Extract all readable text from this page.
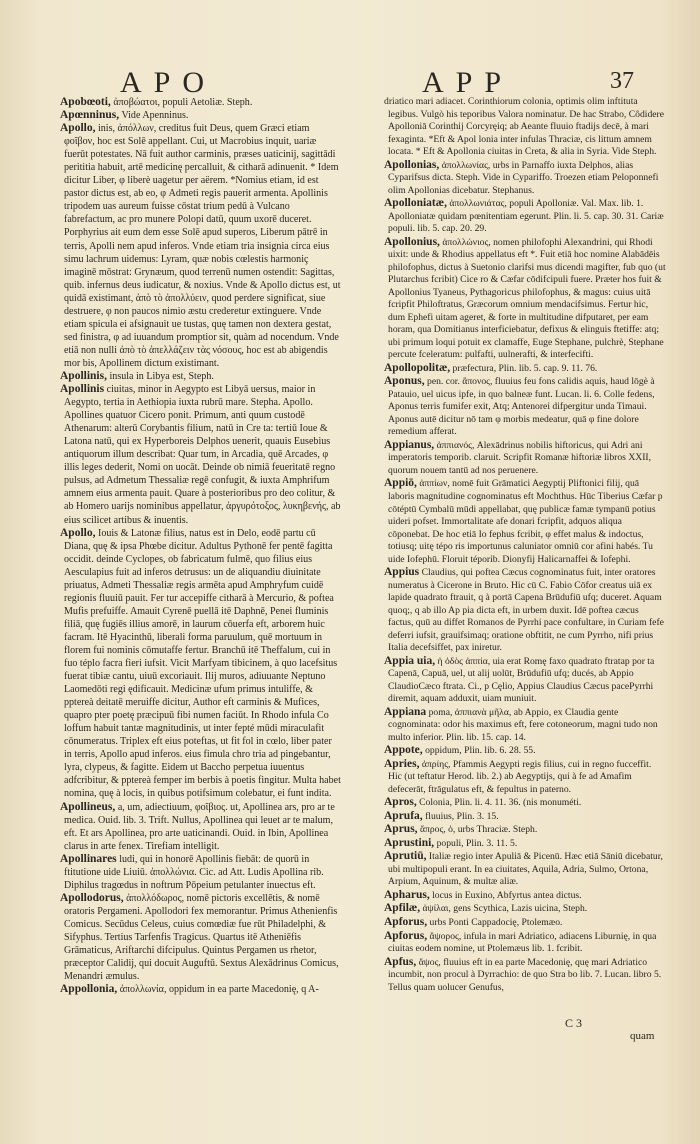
APO	APP	37

Apobœoti, ἀποβώατοι, populi Aetoliæ. Steph.

Apœnninus, Vide Apenninus.

Apollo, inis, ἀπόλλων, creditus fuit Deus, quem Græci etiam φοῖβον, hoc est Solē appellant. Cui, ut Macrobius inquit, uariæ fuerūt potestates. Nā fuit author carminis, præses uaticinij, sagittādi perititia habuit, artē medicinę percalluit, & citharā adinuenit. * Idem dicitur Liber, φ liberè uagetur per aërem. *Nomius etiam, id est pastor dictus est, ab eo, φ Admeti regis pauerit armenta. Apollinis tripodem uas aureum fuisse cōstat trium pedū à Vulcano fabrefactum, ac pro munere Polopi datū, quum uxorē duceret. Porphyrius ait eum dem esse Solē apud superos, Liberum pātrē in terris, Apolli nem apud inferos. Vnde etiam tria insignia circa eius simu lachrum uidemus: Lyram, quæ nobis cœlestis harmoniç imaginē mōstrat: Grynæum, quod terrenū numen ostendit: Sagittas, quib. infernus deus iudicatur, & noxius. Vnde & Apollo dictus est, ut quidā existimant, ἀπὸ τὸ ἀπολλύειν, quod perdere significat, siue destruere, φ non paucos nimio æstu crederetur extinguere. Vnde etiam spicula ei afsignauit ue tustas, quę tamen non dextera gestat, sed finistra, φ ad iuuandum promptior sit, quàm ad nocendum. Vnde etiā non nulli ἀπὸ τὸ ἀπελλάζειν τὰς νόσους, hoc est ab abigendis mor bis, Apollinem dictum existimant.

Apollinis, insula in Libya est, Steph.

Apollinis ciuitas, minor in Aegypto est Libyā uersus, maior in Aegypto, tertia in Aethiopia iuxta rubrū mare. Stepha. Apollo. Apollines quatuor Cicero ponit. Primum, anti quum custodē Athenarum: alterū Corybantis filium, natū in Cre ta: tertiū Ioue & Latona natū, qui ex Hyperboreis Delphos uenerit, quauis Eusebius antiquorum illum describat: Quar tum, in Arcadia, quē Arcades, φ illis leges dederit, Nomi on uocāt. Deinde ob nimiā feueritatē regno pulsus, ad Admetum Thessaliæ regē confugit, & iuxta Amphrifum amnem eius armenta pauit. Quare à posterioribus pro deo colitur, & ab Homero uarijs nominibus appellatur, ἀργυρότοξος, λυκηβενής, ab eius scilicet artibus & inuentis.

Apollo, Iouis & Latonæ filius, natus est in Delo, eodē partu cū Diana, quę & ipsa Phœbe dicitur. Adultus Pythonē fer pentē fagitta occidit. deinde Cyclopes, ob fabricatum fulmē, quo filius eius Aesculapius fuit ad inferos detrusus: un de aliquandiu diuinitate priuatus, Admeti Thessaliæ regis armēta apud Amphryfum cuidē regionis fluuiū pauit. Fer tur accepiffe citharā à Mercurio, & poftea Mufis prefuiffe. Amauit Cyrenē puellā itē Daphnē, Penei fluminis filiā, quę fugiēs illius amorē, in laurum cōuerfa eft, arborem huic facram. Itē Hyacinthū, liberali forma paruulum, quē mortuum in florem fui nominis cōmutaffe fertur. Branchū itē Theffalum, cui in fuo téplo facra fieri iufsit. Vicit Marfyam tibicinem, à quo lacefsitus fuerat tibiæ cantu, uiuū excoriauit. Ilij muros, adiuuante Neptuno Laomedōti regi ędificauit. Medicinæ ufum primus intuliffe, & pptereà deitatē meruiffe dicitur, Author eft carminis & Mufices, quapro pter poetę præcipuū fibi numen faciūt. In Rhodo infula Co loffum habuit tantæ magnitudinis, ut inter fepté mūdi miraculafit cōnumeratus. Triplex eft eius poteftas, ut fit fol in cœlo, liber pater in terris, Apollo apud inferos. eius fimula chro tria ad pingebantur, lyra, clypeus, & fagitte. Eidem ut Baccho perpetua iuuentus adfcribitur, & pptereà femper im berbis à poetis fingitur. Multa habet nomina, quę à locis, in quibus potifsimum colebatur, ei funt indita.

Apollineus, a, um, adiectiuum, φοῖβιος. ut, Apollinea ars, pro ar te medica. Ouid. lib. 3. Trift. Nullus, Apollinea qui leuet ar te malum, eft. Et ars Apollinea, pro arte uaticinandi. Ouid. in Ibin, Apollinea clarus in arte fenex. Tirefiam intelligit.

Apollinares ludi, qui in honorē Apollinis fiebāt: de quorū in ftitutione uide Liuiū. ἀπολλώνια. Cic. ad Att. Ludis Apollina rib. Diphilus tragœdus in noftrum Pōpeium petulanter inuectus eft.

Apollodorus, ἀπολλόδωρος, nomē pictoris excellētis, & nomē oratoris Pergameni. Apollodori fex memorantur. Primus Athenienfis Comicus. Secūdus Celeus, cuius comœdiæ fue rūt Philadelphi, & Sifyphus. Tertius Tarfenfis Tragicus. Quartus itē Atheniēfis Grāmaticus, Ariftarchi difcipulus. Quintus Pergamen us rhetor, præceptor Calidij, qui docuit Auguftū. Sextus Alexādrinus Comicus, Menandri æmulus.

Appollonia, ἀπολλωνία, oppidum in ea parte Macedonię, q A-

driatico mari adiacet. Corinthiorum colonia, optimis olim inftituta legibus. Vulgò his teporibus Valora nominatur. De hac Strabo, Côdidere Apolloniā Corinthij Corcyręiq; ab Aeante fluuio ftadijs decē, à mari fexaginta. *Eft & Apol lonia inter infulas Thraciæ, cis littum amnem locata. * Eft & Apollonia ciuitas in Creta, & alia in Syria. Vide Steph.

Apollonias, ἀπολλωνίας, urbs in Parnaffo iuxta Delphos, alias Cyparifsus dicta. Steph. Vide in Cypariffo. Troezen etiam Peloponnefi olim Apollonias dicebatur. Stephanus.

Apolloniatæ, ἀπολλωνιάτας, populi Apolloniæ. Val. Max. lib. 1. Apolloniatæ quidam pœnitentiam egerunt. Plin. li. 5. cap. 30. 31. Cariæ populi. lib. 5. cap. 20. 29.

Apollonius, ἀπολλώνιος, nomen philofophi Alexandrini, qui Rhodi uixit: unde & Rhodius appellatus eft *. Fuit etiā hoc nomine Alabādēis philofophus, dictus à Suetonio clarifsi mus dicendi magifter, fub quo (ut Plutarchus fcribit) Cice ro & Cæfar cōdifcipuli fuere. Præter hos fuit & Apollonius Tyaneus, Pythagoricus philofophus, & magus: cuius uitā fcripfit Philoftratus, Græcorum omnium mendacifsimus. Fertur hic, dum Ephefi uitam ageret, & forte in multitudine difputaret, per eam horam, qua Domitianus interficiebatur, defixus & elinguis ftetiffe: atq; ubi primum loqui potuit ex clamaffe, Euge Stephane, pulchrè, Stephane percute fceleratum: pulfafti, uulnerafti, & interfecifti.

Apollopolitæ, præfectura, Plin. lib. 5. cap. 9. 11. 76.

Aponus, pen. cor. ἄπονος, fluuius feu fons calidis aquis, haud lōgè à Patauio, uel uicus ipfe, in quo balneæ funt. Lucan. li. 6. Colle fedens, Aponus terris fumifer exit, Atq; Antenorei difpergitur unda Timaui. Aponus autē dicitur nō tam φ morbis medeatur, quā φ fine dolore remedium afferat.

Appianus, ἀππιανός, Alexādrinus nobilis hiftoricus, qui Adri ani imperatoris temporib. claruit. Scripfit Romanæ hiftoriæ libros XXII, quorum nouem tantū ad nos peruenere.

Appiō, ἀππίων, nomē fuit Grāmatici Aegyptij Pliftonici filij, quā laboris magnitudine cognominatus eft Mochthus. Hūc Tiberius Cæfar p cōtéptū Cymbalū mūdi appellabat, quę publicæ famæ tympanū potius uideri pofset. Immortalitate afe donari fcripfit, adquos aliqua cōponebat. De hoc etiā Io fephus fcribit, φ effet malus & indoctus, totiusq; uitę tépo ris importunus caluniator omniū cor afini habés. Tu uide Iofephū. Floruit téporib. Dionyfij Halicarnaffei & Iofephi.

Appius Claudius, qui poftea Cæcus cognominatus fuit, inter oratores numeratus à Cicerone in Bruto. Hic cū C. Fabio Cōfor creatus uiā ex lapide quadrato ftrauit, q à portā Capena Brūdufiū ufq; duceret. Aquam quoq;, q ab illo Ap pia dicta eft, in urbem duxit. Idē poftea cæcus factus, quū au diffet Romanos de Pyrrhi pace confultare, in Curiam fefe deferri iufsit, grauifsimaq; oratione obftitit, ne cum Pyrrho, nifi prius Italia decefsiffet, pax iniretur.

Appia uia, ἡ ὁδὸς ἀππία, uia erat Romę faxo quadrato ftratap por ta Capenā, Capuā, uel, ut alij uolūt, Brūdufiū ufq; ducés, ab Appio ClaudioCæco ftrata. Ci., p Cęlio, Appius Claudius Cæcus pacePyrrhi diremit, aquam adduxit, uiam muniuit.

Appiana poma, ἀππιανὰ μῆλα, ab Appio, ex Claudia gente cognominata: odor his maximus eft, fere cotoneorum, magni tudo non multo inferior. Plin. lib. 15. cap. 14.

Appote, oppidum, Plin. lib. 6. 28. 55.

Apries, ἀπρίης, Pfammis Aegypti regis filius, cui in regno fucceffit. Hic (ut teftatur Herod. lib. 2.) ab Aegyptijs, qui à fe ad Amafim defecerāt, ftrāgulatus eft, & fepultus in paterno.

Apros, Colonia, Plin. li. 4. 11. 36. (nis monuméti.

Aprufa, fluuius, Plin. 3. 15.

Aprus, ἄπρος, ὁ, urbs Thraciæ. Steph.

Aprustini, populi, Plin. 3. 11. 5.

Aprutiū, Italiæ regio inter Apuliā & Picenū. Hæc etiā Sāniū dicebatur, ubi multipopuli erant. In ea ciuitates, Aquila, Adria, Sulmo, Ortona, Arpium, Aquinum, & multæ aliæ.

Apharus, locus in Euxino, Abfyrtus antea dictus.

Apfilæ, ἀψίλαι, gens Scythica, Lazis uicina, Steph.

Apforus, urbs Ponti Cappadocię, Ptolemæo.

Apforus, ἄψορος, infula in mari Adriatico, adiacens Liburnię, in qua ciuitas eodem nomine, ut Ptolemæus lib. 1. fcribit.

Apfus, ἄψος, fluuius eft in ea parte Macedonię, quę mari Adriatico incumbit, non procul à Dyrrachio: de quo Stra bo lib. 7. Lucan. libro 5. Tellus quam uolucer Genufus,

C 3
quam
